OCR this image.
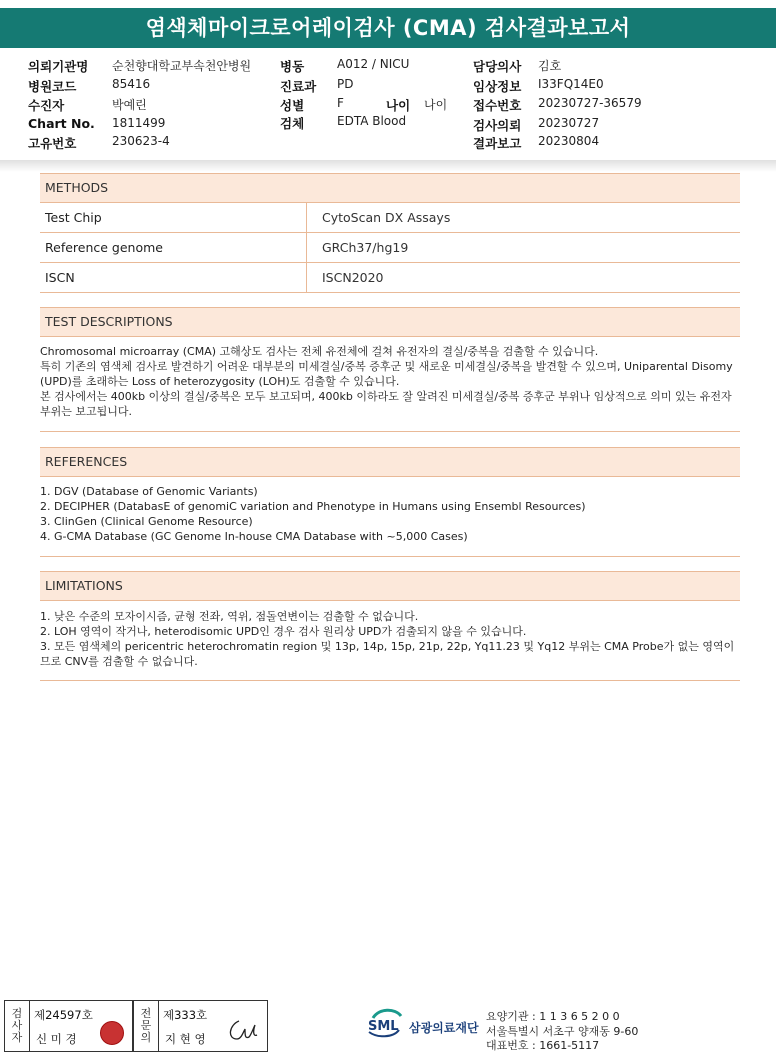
염색체마이크로어레이검사 (CMA) 검사결과보고서
의뢰기관명 순천향대학교부속천안병원
병원코드	85416
수진자	박예린
Chart No. 1811499
고유번호	230623-4
병동	A012 / NICU
진료과 PD
성별	F	나이 나이
검체	EDTA Blood
담당의사 김호
임상정보 I33FQ14E0
접수번호 20230727-36579
검사의뢰 20230727
결과보고 20230804
METHODS
Test Chip	CytoScan DX Assays
Reference genome	GRCh37/hg19
ISCN	ISCN2020
TEST DESCRIPTIONS

Chromosomal microarray (CMA) 고해상도 검사는 전체 유전체에 걸쳐 유전자의 결실/중복을 검출할 수 있습니다.

특히 기존의 염색체 검사로 발견하기 어려운 대부분의 미세결실/중복 증후군 및 새로운 미세결실/중복을 발견할 수 있으며, Uniparental Disomy (UPD)를 초래하는 Loss of heterozygosity (LOH)도 검출할 수 있습니다.

본 검사에서는 400kb 이상의 결실/중복은 모두 보고되며, 400kb 이하라도 잘 알려진 미세결실/중복 증후군 부위나 임상적으로 의미 있는 유전자 부위는 보고됩니다.

REFERENCES

1. DGV (Database of Genomic Variants)

2. DECIPHER (DatabasE of genomiC variation and Phenotype in Humans using Ensembl Resources)

3. ClinGen (Clinical Genome Resource)

4. G-CMA Database (GC Genome In-house CMA Database with ~5,000 Cases)

LIMITATIONS

1. 낮은 수준의 모자이시즘, 균형 전좌, 역위, 점돌연변이는 검출할 수 없습니다.

2. LOH 영역이 작거나, heterodisomic UPD인 경우 검사 원리상 UPD가 검출되지 않을 수 있습니다.

3. 모든 염색체의 pericentric heterochromatin region 및 13p, 14p, 15p, 21p, 22p, Yq11.23 및 Yq12 부위는 CMA Probe가 없는 영역이므로 CNV를 검출할 수 없습니다.

검
사
자
제24597호
신 미 경
전
문
의
제333호
지 현 영
SML 삼광의료재단
요양기관 : 1 1 3 6 5 2 0 0
서울특별시 서초구 양재동 9-60
대표번호 : 1661-5117
